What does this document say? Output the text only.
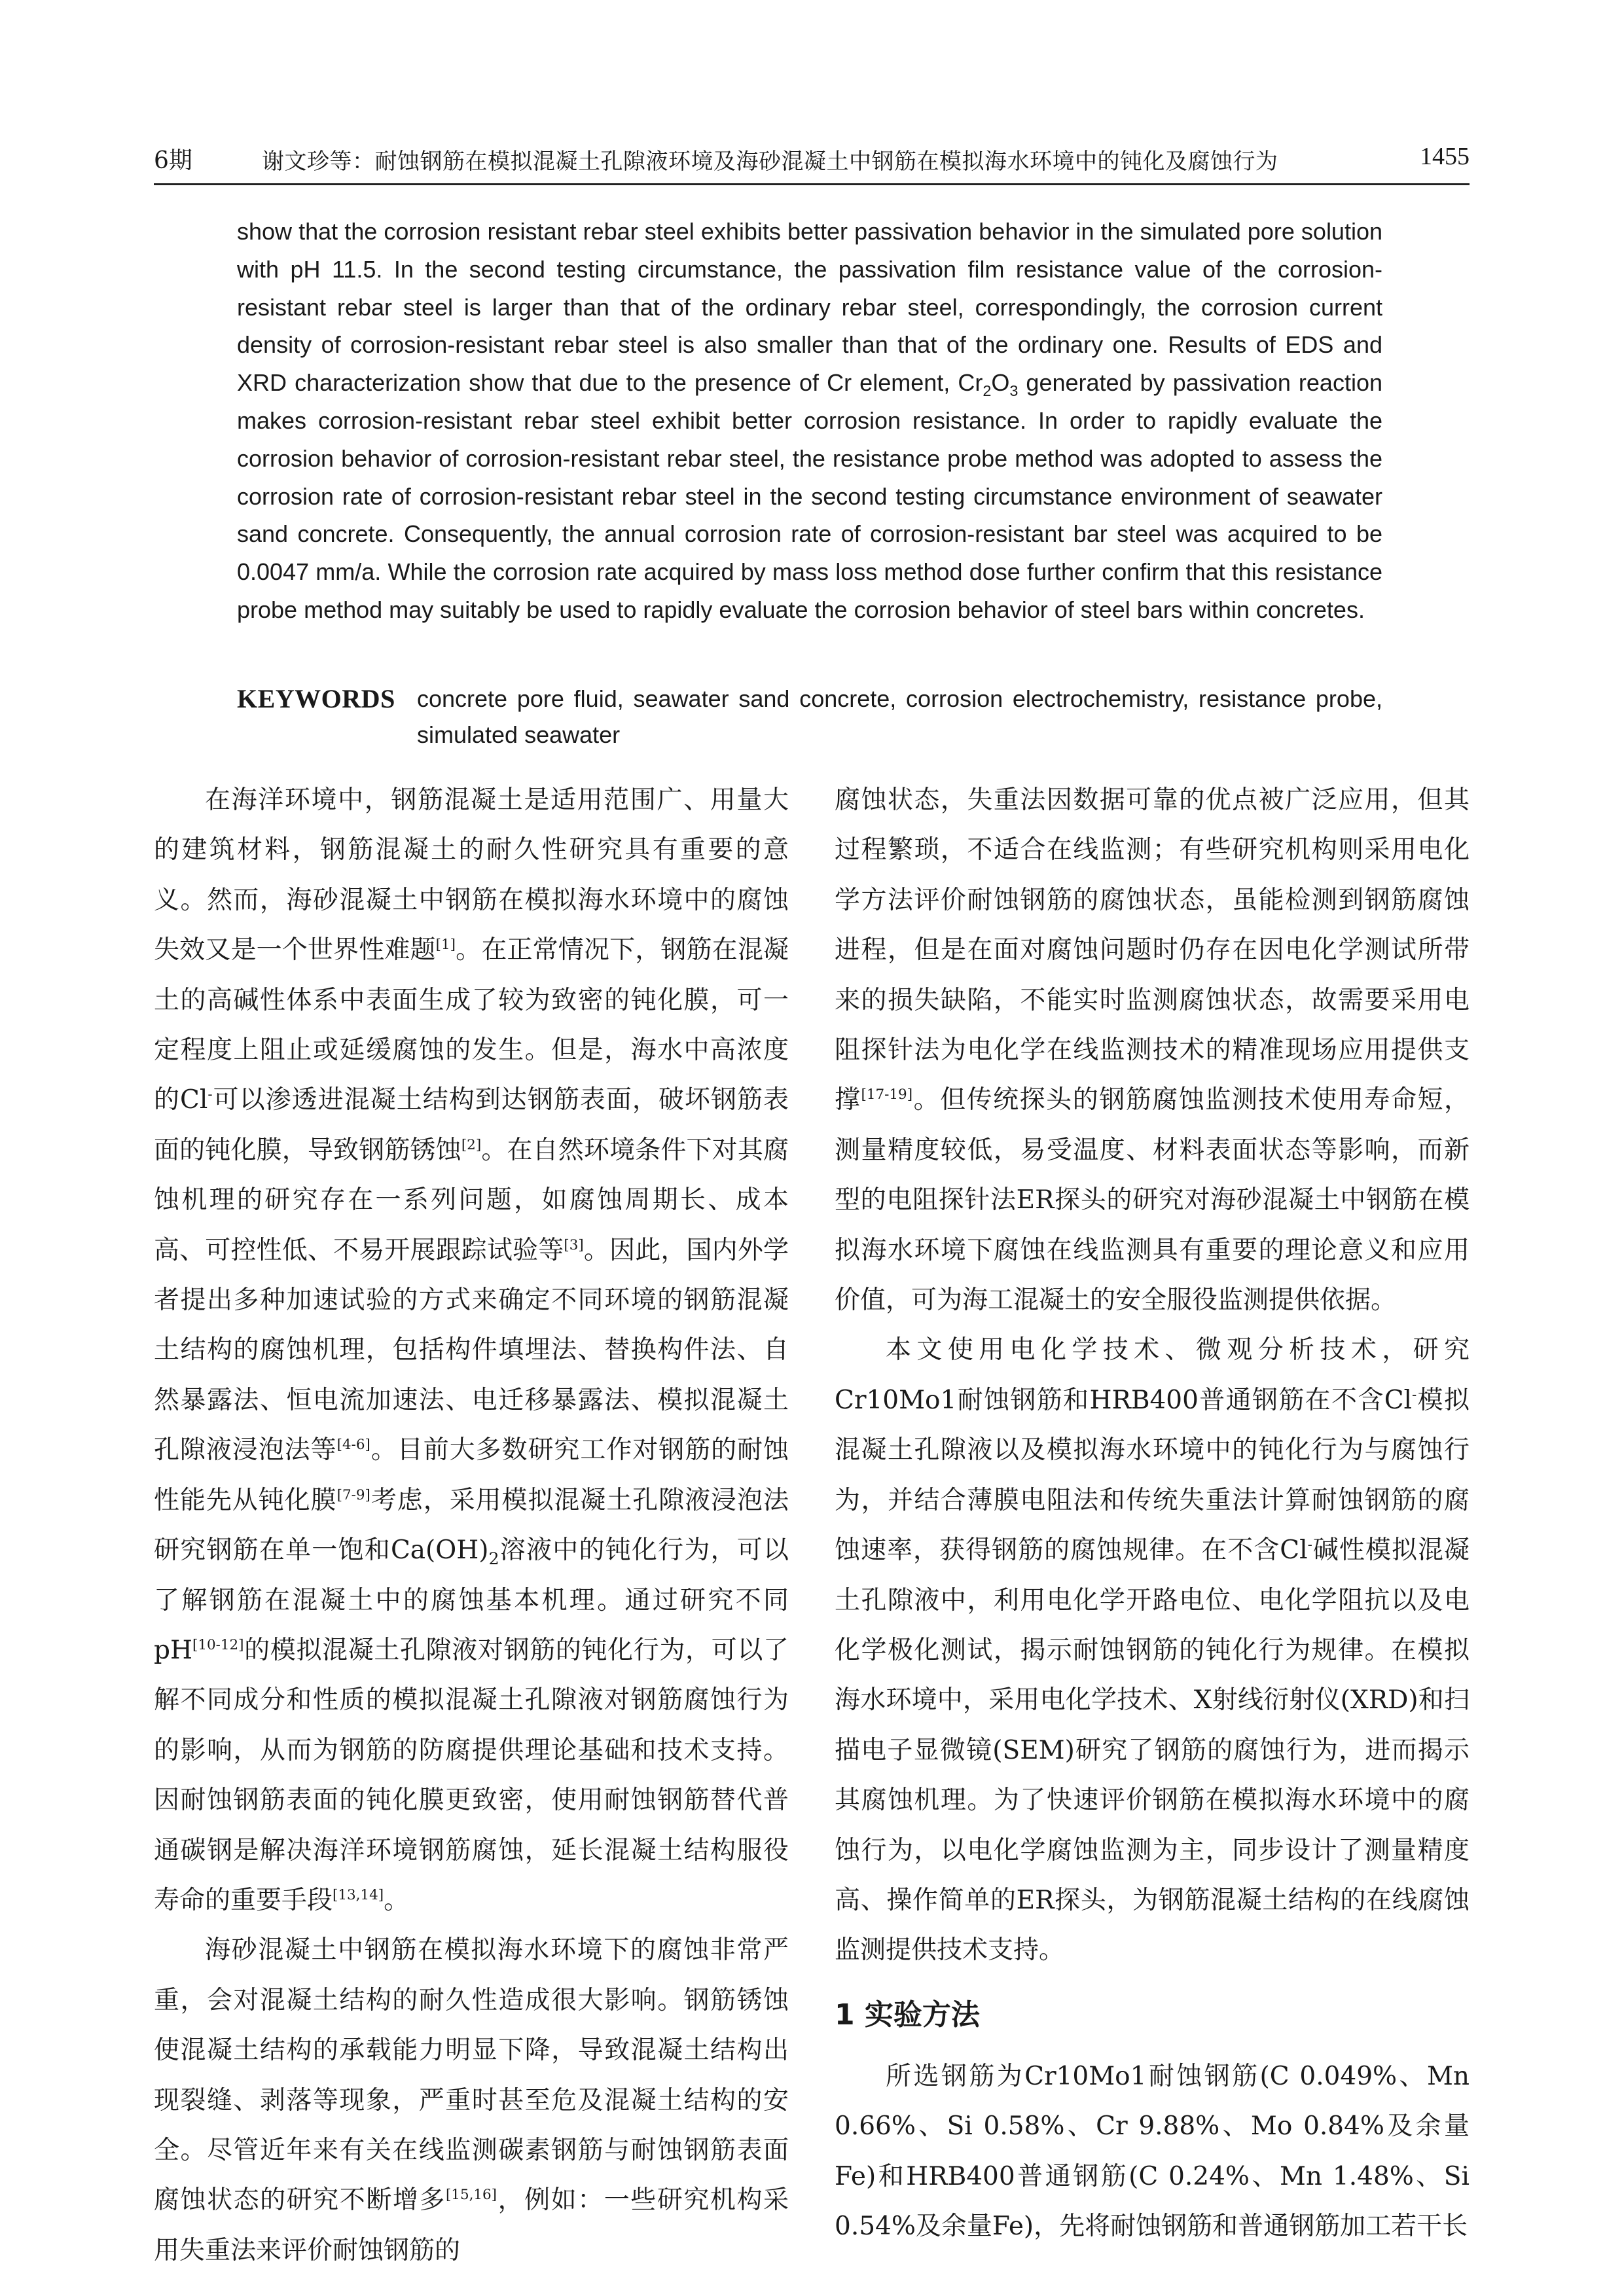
6期	谢文珍等：耐蚀钢筋在模拟混凝土孔隙液环境及海砂混凝土中钢筋在模拟海水环境中的钝化及腐蚀行为	1455

show that the corrosion resistant rebar steel exhibits better passivation behavior in the simulated pore solution with pH 11.5. In the second testing circumstance, the passivation film resistance value of the corrosion-resistant rebar steel is larger than that of the ordinary rebar steel, correspondingly, the corrosion current density of corrosion-resistant rebar steel is also smaller than that of the ordinary one. Results of EDS and XRD characterization show that due to the presence of Cr element, $Cr_2O_3$ generated by passivation reaction makes corrosion-resistant rebar steel exhibit better corrosion resistance. In order to rapidly evaluate the corrosion behavior of corrosion-resistant rebar steel, the resistance probe method was adopted to assess the corrosion rate of corrosion-resistant rebar steel in the second testing circumstance environment of seawater sand concrete. Consequently, the annual corrosion rate of corrosion-resistant bar steel was acquired to be 0.0047 mm/a. While the corrosion rate acquired by mass loss method dose further confirm that this resistance probe method may suitably be used to rapidly evaluate the corrosion behavior of steel bars within concretes.

KEYWORDS concrete pore fluid, seawater sand concrete, corrosion electrochemistry, resistance probe, simulated seawater

在海洋环境中，钢筋混凝土是适用范围广、用量大的建筑材料，钢筋混凝土的耐久性研究具有重要的意义。然而，海砂混凝土中钢筋在模拟海水环境中的腐蚀失效又是一个世界性难题[1]。在正常情况下，钢筋在混凝土的高碱性体系中表面生成了较为致密的钝化膜，可一定程度上阻止或延缓腐蚀的发生。但是，海水中高浓度的Cl-可以渗透进混凝土结构到达钢筋表面，破坏钢筋表面的钝化膜，导致钢筋锈蚀[2]。在自然环境条件下对其腐蚀机理的研究存在一系列问题，如腐蚀周期长、成本高、可控性低、不易开展跟踪试验等[3]。因此，国内外学者提出多种加速试验的方式来确定不同环境的钢筋混凝土结构的腐蚀机理，包括构件填埋法、替换构件法、自然暴露法、恒电流加速法、电迁移暴露法、模拟混凝土孔隙液浸泡法等[4-6]。目前大多数研究工作对钢筋的耐蚀性能先从钝化膜[7-9]考虑，采用模拟混凝土孔隙液浸泡法研究钢筋在单一饱和$Ca(OH)_2$溶液中的钝化行为，可以了解钢筋在混凝土中的腐蚀基本机理。通过研究不同pH[10-12]的模拟混凝土孔隙液对钢筋的钝化行为，可以了解不同成分和性质的模拟混凝土孔隙液对钢筋腐蚀行为的影响，从而为钢筋的防腐提供理论基础和技术支持。因耐蚀钢筋表面的钝化膜更致密，使用耐蚀钢筋替代普通碳钢是解决海洋环境钢筋腐蚀，延长混凝土结构服役寿命的重要手段[13,14]。

海砂混凝土中钢筋在模拟海水环境下的腐蚀非常严重，会对混凝土结构的耐久性造成很大影响。钢筋锈蚀使混凝土结构的承载能力明显下降，导致混凝土结构出现裂缝、剥落等现象，严重时甚至危及混凝土结构的安全。尽管近年来有关在线监测碳素钢筋与耐蚀钢筋表面腐蚀状态的研究不断增多[15,16]，例如：一些研究机构采用失重法来评价耐蚀钢筋的

腐蚀状态，失重法因数据可靠的优点被广泛应用，但其过程繁琐，不适合在线监测；有些研究机构则采用电化学方法评价耐蚀钢筋的腐蚀状态，虽能检测到钢筋腐蚀进程，但是在面对腐蚀问题时仍存在因电化学测试所带来的损失缺陷，不能实时监测腐蚀状态，故需要采用电阻探针法为电化学在线监测技术的精准现场应用提供支撑[17-19]。但传统探头的钢筋腐蚀监测技术使用寿命短，测量精度较低，易受温度、材料表面状态等影响，而新型的电阻探针法ER探头的研究对海砂混凝土中钢筋在模拟海水环境下腐蚀在线监测具有重要的理论意义和应用价值，可为海工混凝土的安全服役监测提供依据。

本文使用电化学技术、微观分析技术，研究Cr10Mo1耐蚀钢筋和HRB400普通钢筋在不含Cl-模拟混凝土孔隙液以及模拟海水环境中的钝化行为与腐蚀行为，并结合薄膜电阻法和传统失重法计算耐蚀钢筋的腐蚀速率，获得钢筋的腐蚀规律。在不含Cl-碱性模拟混凝土孔隙液中，利用电化学开路电位、电化学阻抗以及电化学极化测试，揭示耐蚀钢筋的钝化行为规律。在模拟海水环境中，采用电化学技术、X射线衍射仪(XRD)和扫描电子显微镜(SEM)研究了钢筋的腐蚀行为，进而揭示其腐蚀机理。为了快速评价钢筋在模拟海水环境中的腐蚀行为，以电化学腐蚀监测为主，同步设计了测量精度高、操作简单的ER探头，为钢筋混凝土结构的在线腐蚀监测提供技术支持。

1 实验方法

所选钢筋为Cr10Mo1耐蚀钢筋(C 0.049%、Mn 0.66%、Si 0.58%、Cr 9.88%、Mo 0.84%及余量Fe)和HRB400普通钢筋(C 0.24%、Mn 1.48%、Si 0.54%及余量Fe)，先将耐蚀钢筋和普通钢筋加工若干长
